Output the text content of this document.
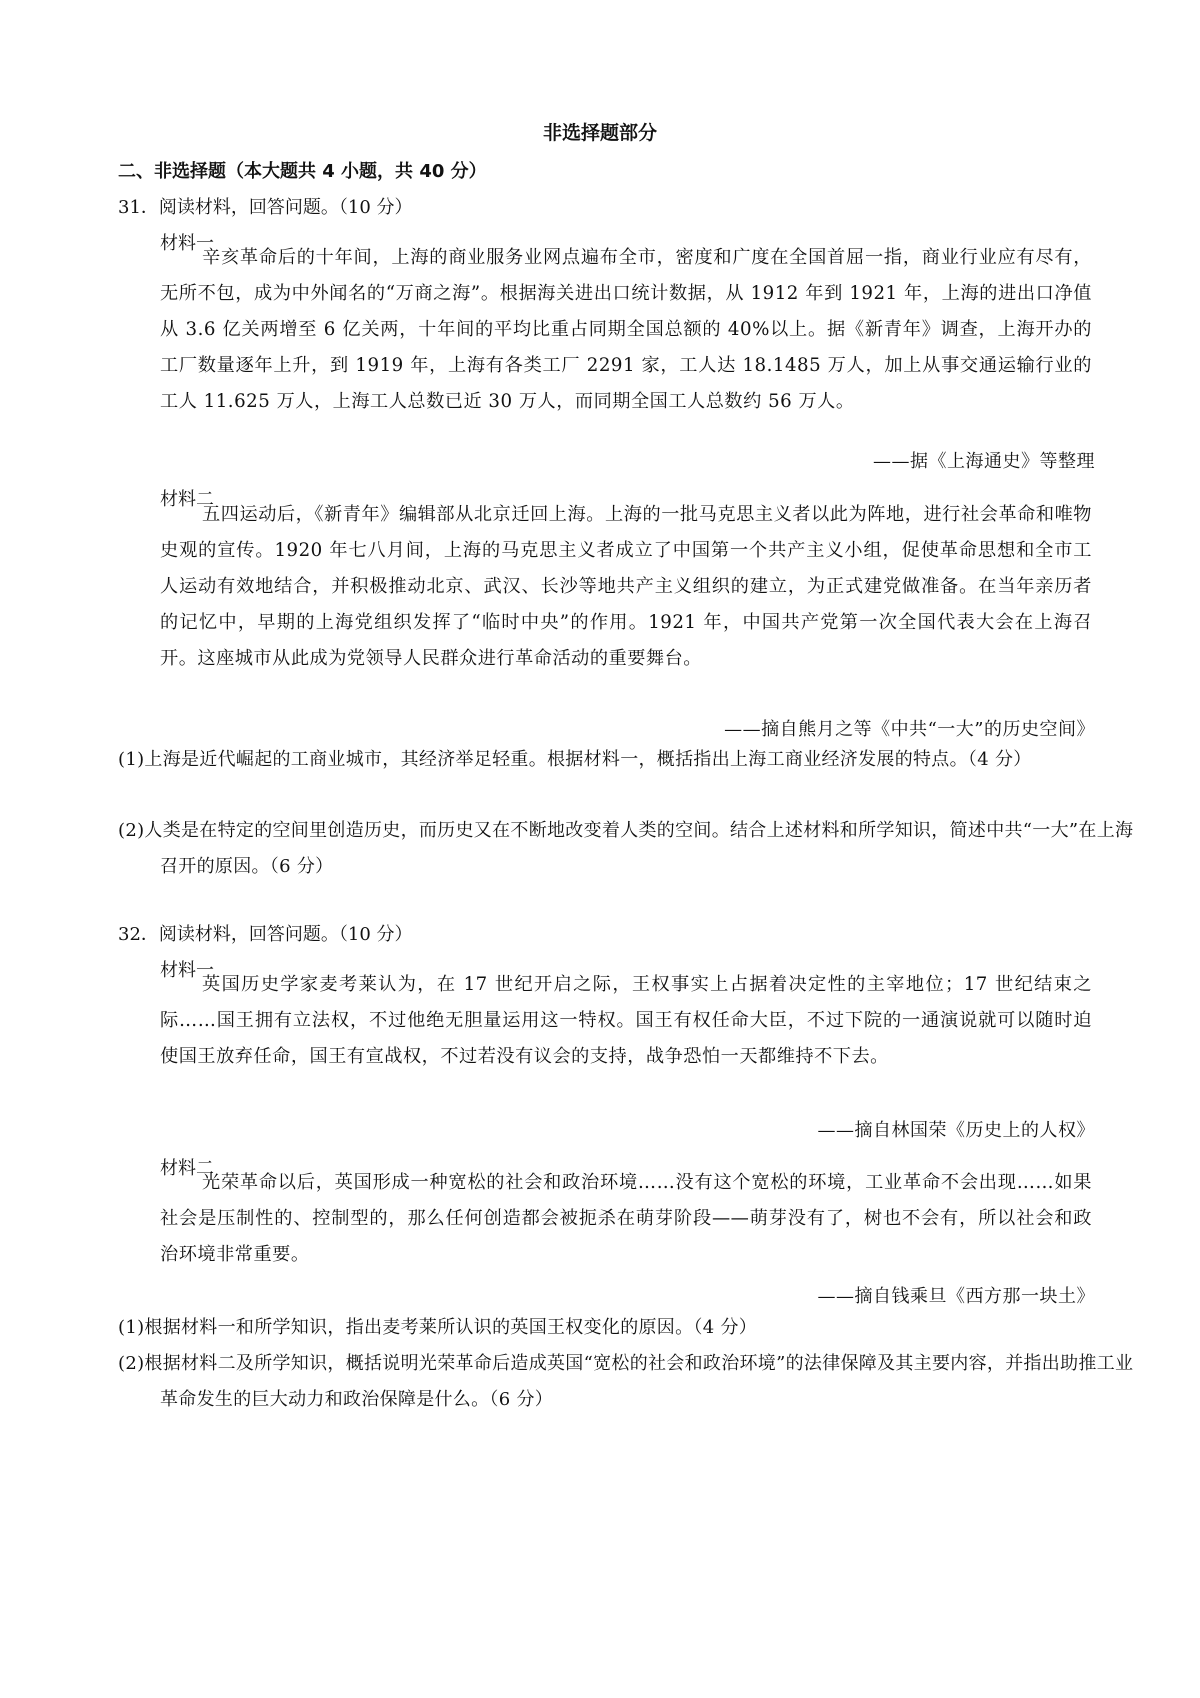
非选择题部分
二、非选择题（本大题共 4 小题，共 40 分）
31．阅读材料，回答问题。（10 分）
材料一
辛亥革命后的十年间，上海的商业服务业网点遍布全市，密度和广度在全国首屈一指，商业行业应有尽有，无所不包，成为中外闻名的“万商之海”。根据海关进出口统计数据，从 1912 年到 1921 年，上海的进出口净值从 3.6 亿关两增至 6 亿关两，十年间的平均比重占同期全国总额的 40%以上。据《新青年》调查，上海开办的工厂数量逐年上升，到 1919 年，上海有各类工厂 2291 家，工人达 18.1485 万人，加上从事交通运输行业的工人 11.625 万人，上海工人总数已近 30 万人，而同期全国工人总数约 56 万人。
——据《上海通史》等整理
材料二
五四运动后，《新青年》编辑部从北京迁回上海。上海的一批马克思主义者以此为阵地，进行社会革命和唯物史观的宣传。1920 年七八月间，上海的马克思主义者成立了中国第一个共产主义小组，促使革命思想和全市工人运动有效地结合，并积极推动北京、武汉、长沙等地共产主义组织的建立，为正式建党做准备。在当年亲历者的记忆中，早期的上海党组织发挥了“临时中央”的作用。1921 年，中国共产党第一次全国代表大会在上海召开。这座城市从此成为党领导人民群众进行革命活动的重要舞台。
——摘自熊月之等《中共“一大”的历史空间》
(1)上海是近代崛起的工商业城市，其经济举足轻重。根据材料一，概括指出上海工商业经济发展的特点。（4 分）
(2)人类是在特定的空间里创造历史，而历史又在不断地改变着人类的空间。结合上述材料和所学知识，简述中共“一大”在上海召开的原因。（6 分）
32．阅读材料，回答问题。（10 分）
材料一
英国历史学家麦考莱认为，在 17 世纪开启之际，王权事实上占据着决定性的主宰地位；17 世纪结束之际……国王拥有立法权，不过他绝无胆量运用这一特权。国王有权任命大臣，不过下院的一通演说就可以随时迫使国王放弃任命，国王有宣战权，不过若没有议会的支持，战争恐怕一天都维持不下去。
——摘自林国荣《历史上的人权》
材料二
光荣革命以后，英国形成一种宽松的社会和政治环境……没有这个宽松的环境，工业革命不会出现……如果社会是压制性的、控制型的，那么任何创造都会被扼杀在萌芽阶段——萌芽没有了，树也不会有，所以社会和政治环境非常重要。
——摘自钱乘旦《西方那一块土》
(1)根据材料一和所学知识，指出麦考莱所认识的英国王权变化的原因。（4 分）
(2)根据材料二及所学知识，概括说明光荣革命后造成英国“宽松的社会和政治环境”的法律保障及其主要内容，并指出助推工业革命发生的巨大动力和政治保障是什么。（6 分）
